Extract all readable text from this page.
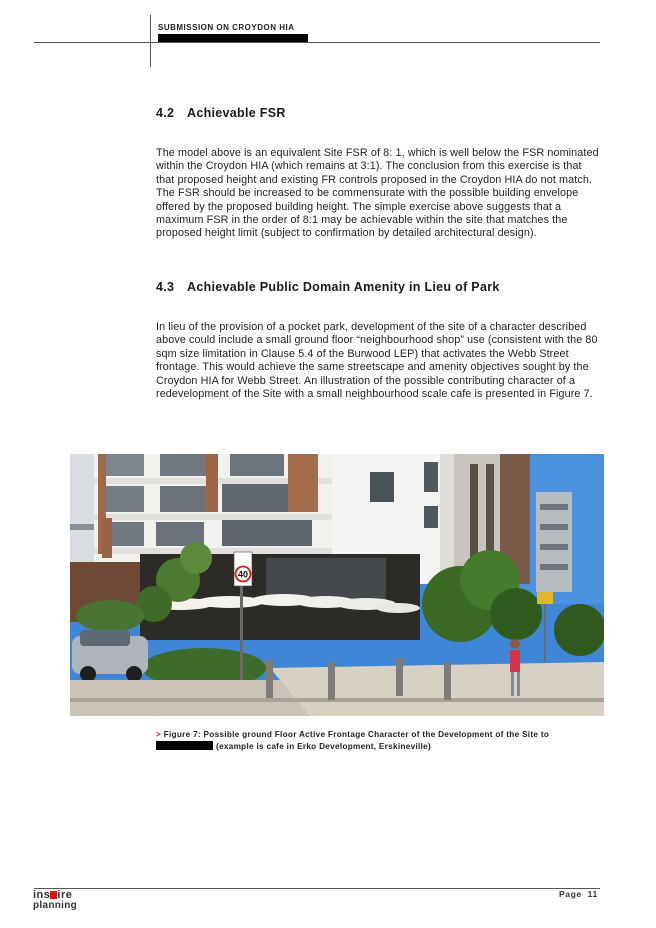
SUBMISSION ON CROYDON HIA
4.2 Achievable FSR

The model above is an equivalent Site FSR of 8: 1, which is well below the FSR nominated within the Croydon HIA (which remains at 3:1). The conclusion from this exercise is that that proposed height and existing FR controls proposed in the Croydon HIA do not match. The FSR should be increased to be commensurate with the possible building envelope offered by the proposed building height. The simple exercise above suggests that a maximum FSR in the order of 8:1 may be achievable within the site that matches the proposed height limit (subject to confirmation by detailed architectural design).

4.3 Achievable Public Domain Amenity in Lieu of Park

In lieu of the provision of a pocket park, development of the site of a character described above could include a small ground floor “neighbourhood shop” use (consistent with the 80 sqm size limitation in Clause 5.4 of the Burwood LEP) that activates the Webb Street frontage. This would achieve the same streetscape and amenity objectives sought by the Croydon HIA for Webb Street. An illustration of the possible contributing character of a redevelopment of the Site with a small neighbourhood scale cafe is presented in Figure 7.

40
> Figure 7: Possible ground Floor Active Frontage Character of the Development of the Site to
(example is cafe in Erko Development, Erskineville)
ins ire
planning
Page 11
